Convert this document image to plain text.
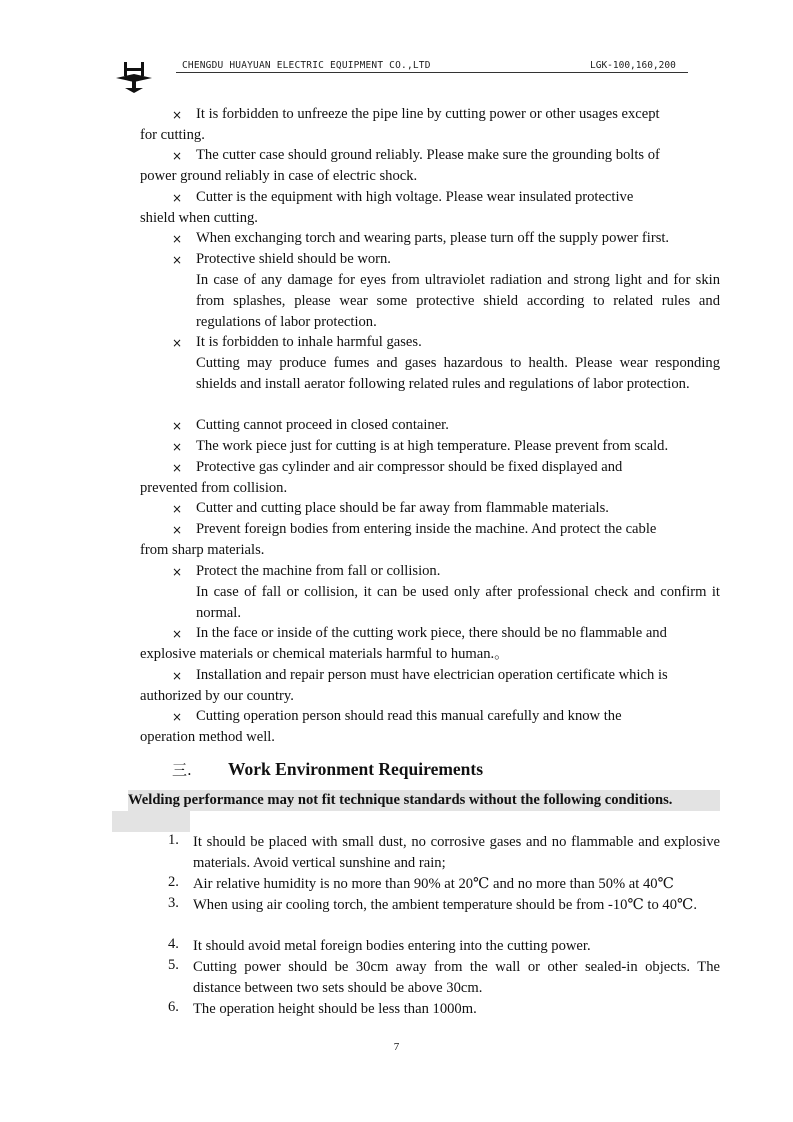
CHENGDU HUAYUAN ELECTRIC EQUIPMENT CO.,LTD	LGK-100,160,200
× It is forbidden to unfreeze the pipe line by cutting power or other usages except
for cutting.
× The cutter case should ground reliably. Please make sure the grounding bolts of
power ground reliably in case of electric shock.
× Cutter is the equipment with high voltage. Please wear insulated protective
shield when cutting.
× When exchanging torch and wearing parts, please turn off the supply power first.
× Protective shield should be worn.
In case of any damage for eyes from ultraviolet radiation and strong light and for skin from splashes, please wear some protective shield according to related rules and regulations of labor protection.
× It is forbidden to inhale harmful gases.
Cutting may produce fumes and gases hazardous to health. Please wear responding shields and install aerator following related rules and regulations of labor protection.
× Cutting cannot proceed in closed container.
× The work piece just for cutting is at high temperature. Please prevent from scald.
× Protective gas cylinder and air compressor should be fixed displayed and
prevented from collision.
× Cutter and cutting place should be far away from flammable materials.
× Prevent foreign bodies from entering inside the machine. And protect the cable
from sharp materials.
× Protect the machine from fall or collision.
In case of fall or collision, it can be used only after professional check and confirm it normal.
× In the face or inside of the cutting work piece, there should be no flammable and
explosive materials or chemical materials harmful to human.。
× Installation and repair person must have electrician operation certificate which is
authorized by our country.
× Cutting operation person should read this manual carefully and know the
operation method well.
三. Work Environment Requirements
Welding performance may not fit technique standards without the following conditions.
1. It should be placed with small dust, no corrosive gases and no flammable and explosive materials. Avoid vertical sunshine and rain;
2. Air relative humidity is no more than 90% at 20℃ and no more than 50% at 40℃
3. When using air cooling torch, the ambient temperature should be from -10℃ to 40℃.
4. It should avoid metal foreign bodies entering into the cutting power.
5. Cutting power should be 30cm away from the wall or other sealed-in objects. The distance between two sets should be above 30cm.
6. The operation height should be less than 1000m.
7
